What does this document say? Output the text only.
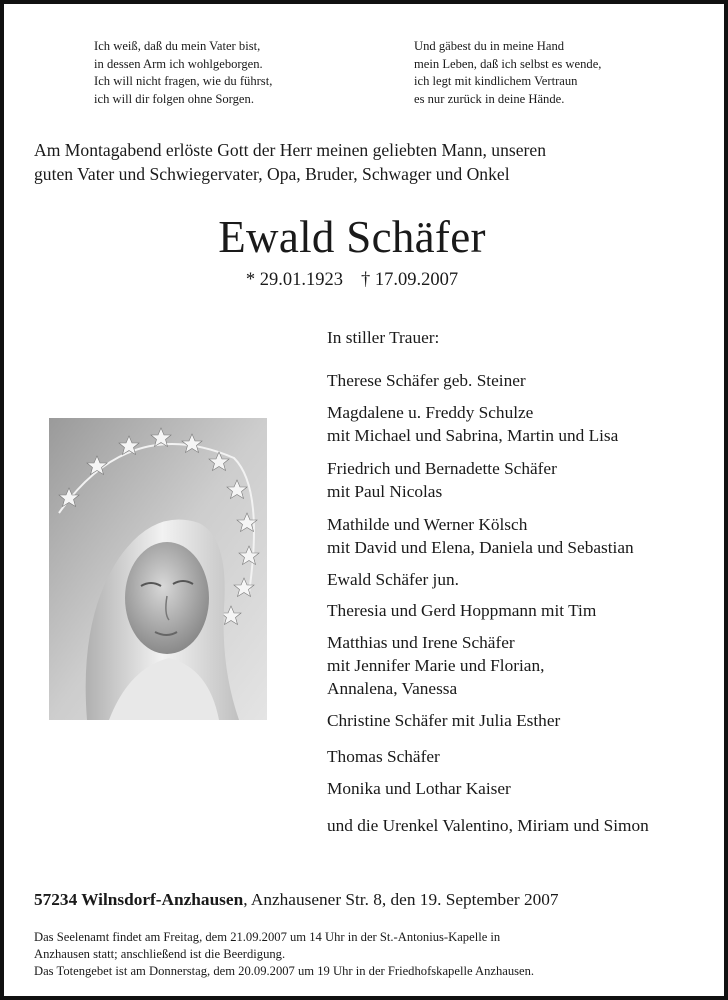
Ich weiß, daß du mein Vater bist,
in dessen Arm ich wohlgeborgen.
Ich will nicht fragen, wie du führst,
ich will dir folgen ohne Sorgen.
Und gäbest du in meine Hand
mein Leben, daß ich selbst es wende,
ich legt mit kindlichem Vertraun
es nur zurück in deine Hände.
Am Montagabend erlöste Gott der Herr meinen geliebten Mann, unseren
guten Vater und Schwiegervater, Opa, Bruder, Schwager und Onkel
Ewald Schäfer
* 29.01.1923 † 17.09.2007
In stiller Trauer:
Therese Schäfer geb. Steiner
Magdalene u. Freddy Schulze
mit Michael und Sabrina, Martin und Lisa
Friedrich und Bernadette Schäfer
mit Paul Nicolas
Mathilde und Werner Kölsch
mit David und Elena, Daniela und Sebastian
Ewald Schäfer jun.
Theresia und Gerd Hoppmann mit Tim
Matthias und Irene Schäfer
mit Jennifer Marie und Florian,
Annalena, Vanessa
Christine Schäfer mit Julia Esther
Thomas Schäfer
Monika und Lothar Kaiser
und die Urenkel Valentino, Miriam und Simon
57234 Wilnsdorf-Anzhausen, Anzhausener Str. 8, den 19. September 2007
Das Seelenamt findet am Freitag, dem 21.09.2007 um 14 Uhr in der St.-Antonius-Kapelle in
Anzhausen statt; anschließend ist die Beerdigung.
Das Totengebet ist am Donnerstag, dem 20.09.2007 um 19 Uhr in der Friedhofskapelle Anzhausen.
